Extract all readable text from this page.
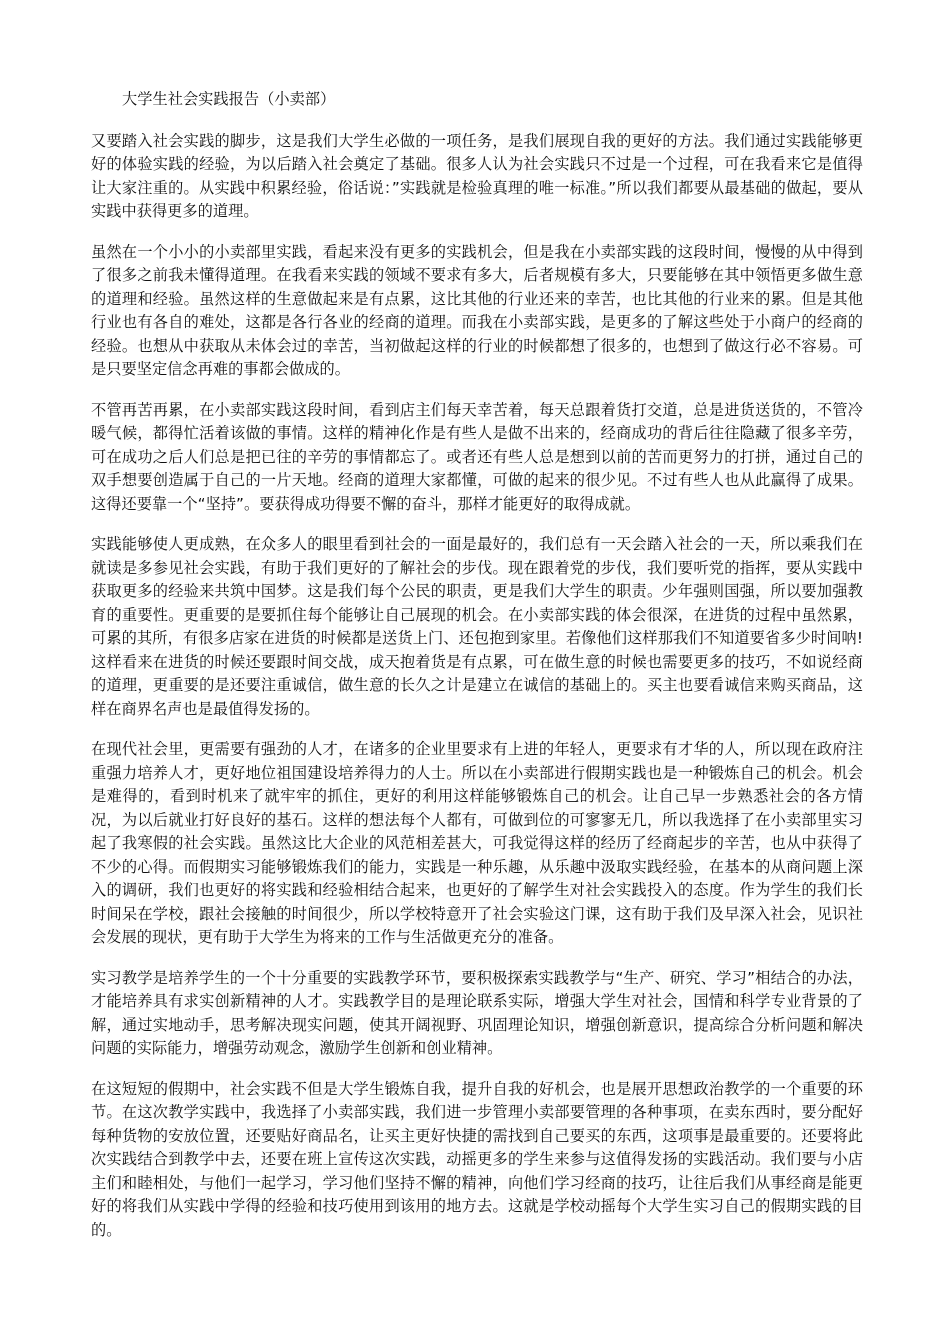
大学生社会实践报告（小卖部）

又要踏入社会实践的脚步，这是我们大学生必做的一项任务，是我们展现自我的更好的方法。我们通过实践能够更好的体验实践的经验，为以后踏入社会奠定了基础。很多人认为社会实践只不过是一个过程，可在我看来它是值得让大家注重的。从实践中积累经验，俗话说：”实践就是检验真理的唯一标准。”所以我们都要从最基础的做起，要从实践中获得更多的道理。

虽然在一个小小的小卖部里实践，看起来没有更多的实践机会，但是我在小卖部实践的这段时间，慢慢的从中得到了很多之前我未懂得道理。在我看来实践的领域不要求有多大，后者规模有多大，只要能够在其中领悟更多做生意的道理和经验。虽然这样的生意做起来是有点累，这比其他的行业还来的幸苦，也比其他的行业来的累。但是其他行业也有各自的难处，这都是各行各业的经商的道理。而我在小卖部实践，是更多的了解这些处于小商户的经商的经验。也想从中获取从未体会过的幸苦，当初做起这样的行业的时候都想了很多的，也想到了做这行必不容易。可是只要坚定信念再难的事都会做成的。

不管再苦再累，在小卖部实践这段时间，看到店主们每天幸苦着，每天总跟着货打交道，总是进货送货的，不管冷暖气候，都得忙活着该做的事情。这样的精神化作是有些人是做不出来的，经商成功的背后往往隐藏了很多辛劳，可在成功之后人们总是把已往的辛劳的事情都忘了。或者还有些人总是想到以前的苦而更努力的打拼，通过自己的双手想要创造属于自己的一片天地。经商的道理大家都懂，可做的起来的很少见。不过有些人也从此赢得了成果。这得还要靠一个“坚持”。要获得成功得要不懈的奋斗，那样才能更好的取得成就。

实践能够使人更成熟，在众多人的眼里看到社会的一面是最好的，我们总有一天会踏入社会的一天，所以乘我们在就读是多参见社会实践，有助于我们更好的了解社会的步伐。现在跟着党的步伐，我们要听党的指挥，要从实践中获取更多的经验来共筑中国梦。这是我们每个公民的职责，更是我们大学生的职责。少年强则国强，所以要加强教育的重要性。更重要的是要抓住每个能够让自己展现的机会。在小卖部实践的体会很深，在进货的过程中虽然累，可累的其所，有很多店家在进货的时候都是送货上门、还包抱到家里。若像他们这样那我们不知道要省多少时间呐!这样看来在进货的时候还要跟时间交战，成天抱着货是有点累，可在做生意的时候也需要更多的技巧，不如说经商的道理，更重要的是还要注重诚信，做生意的长久之计是建立在诚信的基础上的。买主也要看诚信来购买商品，这样在商界名声也是最值得发扬的。

在现代社会里，更需要有强劲的人才，在诸多的企业里要求有上进的年轻人，更要求有才华的人，所以现在政府注重强力培养人才，更好地位祖国建设培养得力的人士。所以在小卖部进行假期实践也是一种锻炼自己的机会。机会是难得的，看到时机来了就牢牢的抓住，更好的利用这样能够锻炼自己的机会。让自己早一步熟悉社会的各方情况，为以后就业打好良好的基石。这样的想法每个人都有，可做到位的可寥寥无几，所以我选择了在小卖部里实习起了我寒假的社会实践。虽然这比大企业的风范相差甚大，可我觉得这样的经历了经商起步的辛苦，也从中获得了不少的心得。而假期实习能够锻炼我们的能力，实践是一种乐趣，从乐趣中汲取实践经验，在基本的从商问题上深入的调研，我们也更好的将实践和经验相结合起来，也更好的了解学生对社会实践投入的态度。作为学生的我们长时间呆在学校，跟社会接触的时间很少，所以学校特意开了社会实验这门课，这有助于我们及早深入社会，见识社会发展的现状，更有助于大学生为将来的工作与生活做更充分的准备。

实习教学是培养学生的一个十分重要的实践教学环节，要积极探索实践教学与“生产、研究、学习”相结合的办法，才能培养具有求实创新精神的人才。实践教学目的是理论联系实际，增强大学生对社会，国情和科学专业背景的了解，通过实地动手，思考解决现实问题，使其开阔视野、巩固理论知识，增强创新意识，提高综合分析问题和解决问题的实际能力，增强劳动观念，激励学生创新和创业精神。

在这短短的假期中，社会实践不但是大学生锻炼自我，提升自我的好机会，也是展开思想政治教学的一个重要的环节。在这次教学实践中，我选择了小卖部实践，我们进一步管理小卖部要管理的各种事项，在卖东西时，要分配好每种货物的安放位置，还要贴好商品名，让买主更好快捷的需找到自己要买的东西，这项事是最重要的。还要将此次实践结合到教学中去，还要在班上宣传这次实践，动摇更多的学生来参与这值得发扬的实践活动。我们要与小店主们和睦相处，与他们一起学习，学习他们坚持不懈的精神，向他们学习经商的技巧，让往后我们从事经商是能更好的将我们从实践中学得的经验和技巧使用到该用的地方去。这就是学校动摇每个大学生实习自己的假期实践的目的。
